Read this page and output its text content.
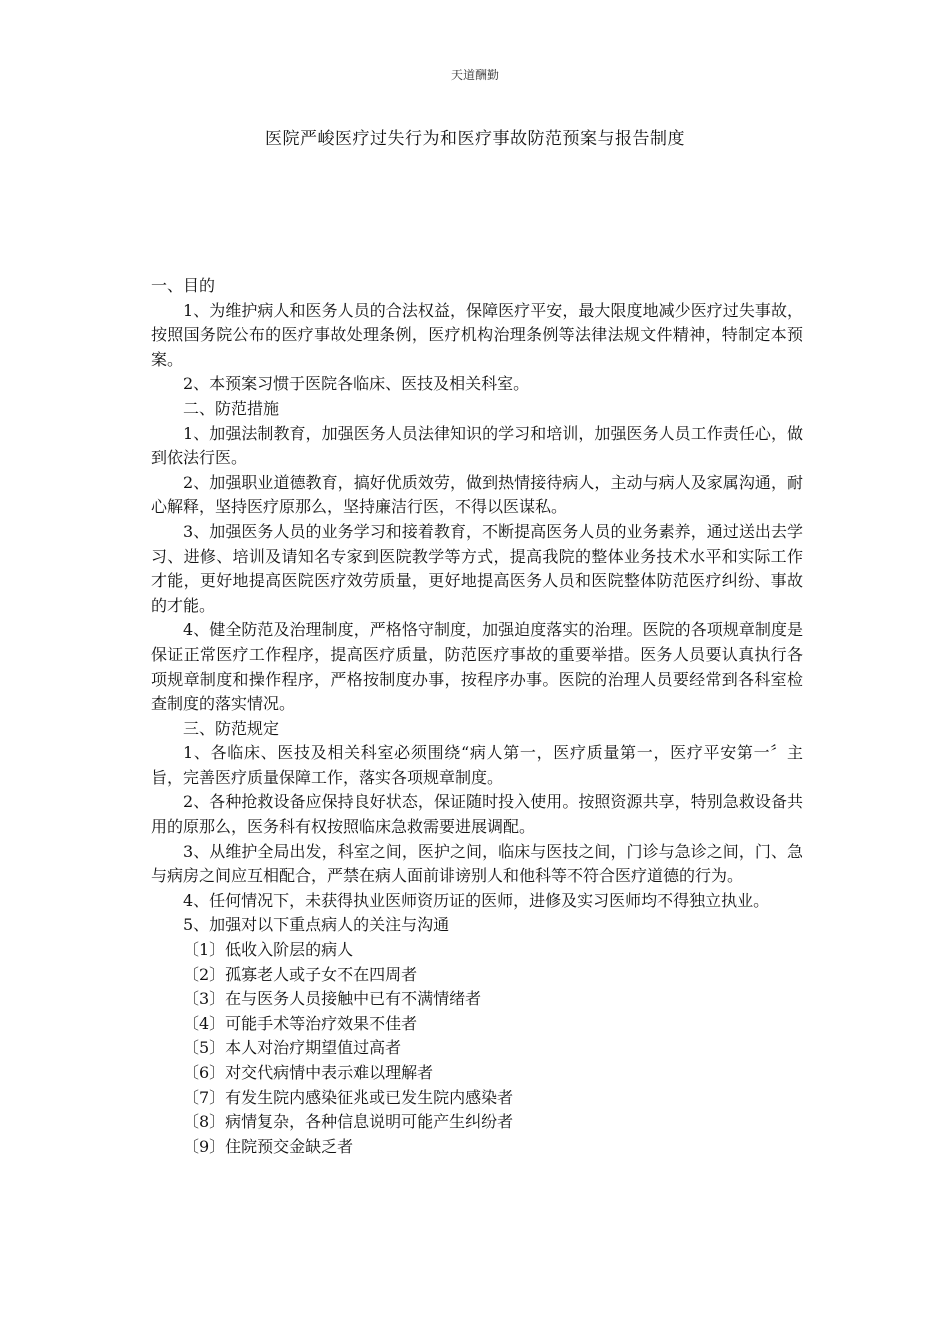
天道酬勤
医院严峻医疗过失行为和医疗事故防范预案与报告制度

一、目的

1、为维护病人和医务人员的合法权益，保障医疗平安，最大限度地减少医疗过失事故，按照国务院公布的医疗事故处理条例，医疗机构治理条例等法律法规文件精神，特制定本预案。

2、本预案习惯于医院各临床、医技及相关科室。

二、防范措施

1、加强法制教育，加强医务人员法律知识的学习和培训，加强医务人员工作责任心，做到依法行医。

2、加强职业道德教育，搞好优质效劳，做到热情接待病人，主动与病人及家属沟通，耐心解释，坚持医疗原那么，坚持廉洁行医，不得以医谋私。

3、加强医务人员的业务学习和接着教育，不断提高医务人员的业务素养，通过送出去学习、进修、培训及请知名专家到医院教学等方式，提高我院的整体业务技术水平和实际工作才能，更好地提高医院医疗效劳质量，更好地提高医务人员和医院整体防范医疗纠纷、事故的才能。

4、健全防范及治理制度，严格恪守制度，加强迫度落实的治理。医院的各项规章制度是保证正常医疗工作程序，提高医疗质量，防范医疗事故的重要举措。医务人员要认真执行各项规章制度和操作程序，严格按制度办事，按程序办事。医院的治理人员要经常到各科室检查制度的落实情况。

三、防范规定

1、各临床、医技及相关科室必须围绕“病人第一，医疗质量第一，医疗平安第一〞主旨，完善医疗质量保障工作，落实各项规章制度。

2、各种抢救设备应保持良好状态，保证随时投入使用。按照资源共享，特别急救设备共用的原那么，医务科有权按照临床急救需要进展调配。

3、从维护全局出发，科室之间，医护之间，临床与医技之间，门诊与急诊之间，门、急与病房之间应互相配合，严禁在病人面前诽谤别人和他科等不符合医疗道德的行为。

4、任何情况下，未获得执业医师资历证的医师，进修及实习医师均不得独立执业。

5、加强对以下重点病人的关注与沟通

〔1〕低收入阶层的病人

〔2〕孤寡老人或子女不在四周者

〔3〕在与医务人员接触中已有不满情绪者

〔4〕可能手术等治疗效果不佳者

〔5〕本人对治疗期望值过高者

〔6〕对交代病情中表示难以理解者

〔7〕有发生院内感染征兆或已发生院内感染者

〔8〕病情复杂，各种信息说明可能产生纠纷者

〔9〕住院预交金缺乏者
